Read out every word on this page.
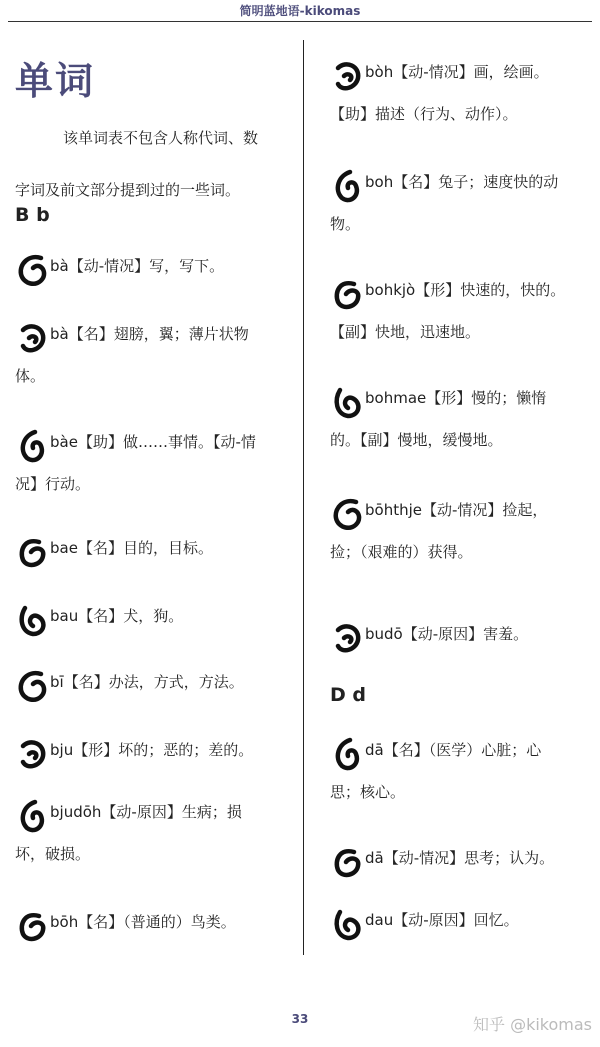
简明蓝地语-kikomas
单词
该单词表不包含人称代词、数
字词及前文部分提到过的一些词。
B b
bà【动-情况】写，写下。
bà【名】翅膀，翼；薄片状物
体。
bàe【助】做……事情。【动-情
况】行动。
bae【名】目的，目标。
bau【名】犬，狗。
bī【名】办法，方式，方法。
bju【形】坏的；恶的；差的。
bjudōh【动-原因】生病；损
坏，破损。
bōh【名】（普通的）鸟类。
bòh【动-情况】画，绘画。
【助】描述（行为、动作）。
boh【名】兔子；速度快的动
物。
bohkjò【形】快速的，快的。
【副】快地，迅速地。
bohmae【形】慢的；懒惰
的。【副】慢地，缓慢地。
bōhthje【动-情况】捡起，
捡；（艰难的）获得。
budō【动-原因】害羞。
D d
dā【名】（医学）心脏；心
思；核心。
dā【动-情况】思考；认为。
dau【动-原因】回忆。
33	知乎 @kikomas
